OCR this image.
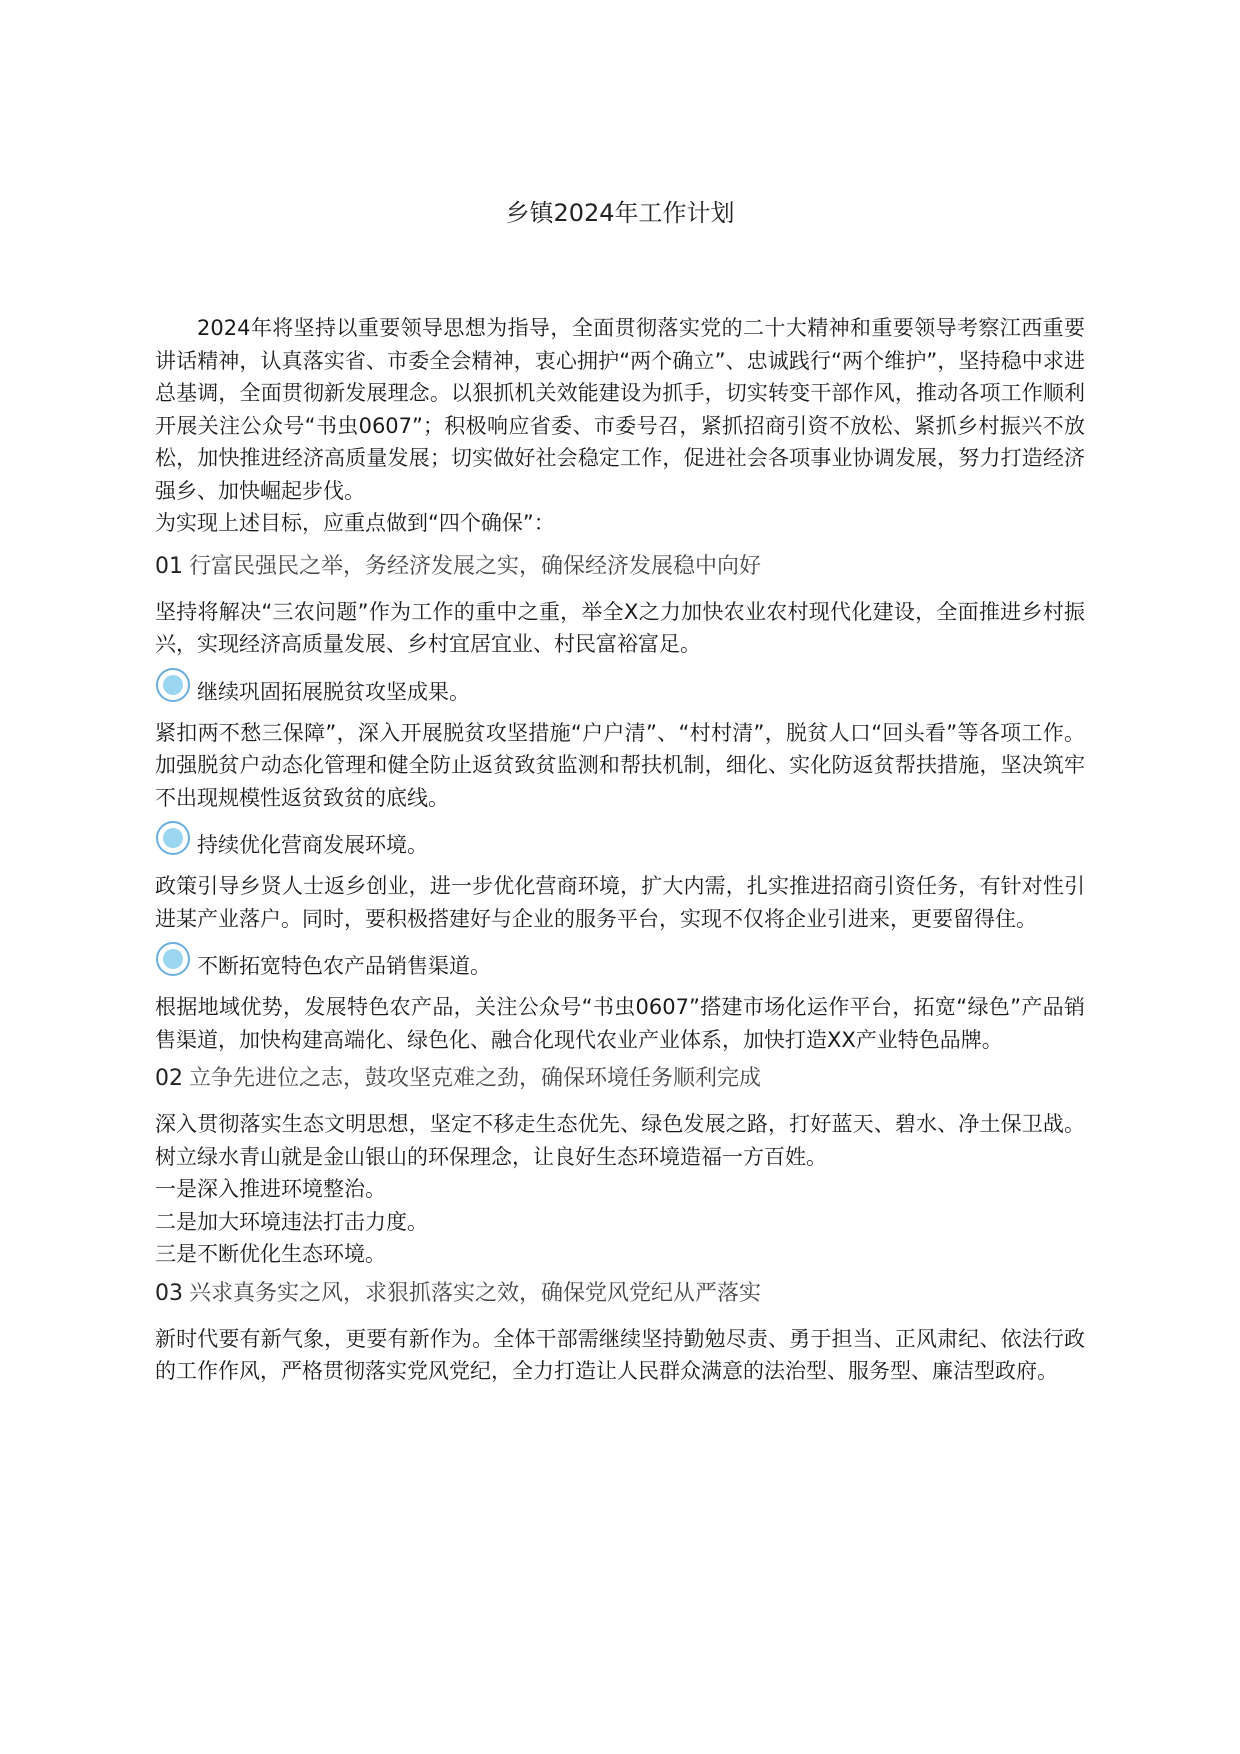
乡镇2024年工作计划

2024年将坚持以重要领导思想为指导，全面贯彻落实党的二十大精神和重要领导考察江西重要讲话精神，认真落实省、市委全会精神，衷心拥护“两个确立”、忠诚践行“两个维护”，坚持稳中求进总基调，全面贯彻新发展理念。以狠抓机关效能建设为抓手，切实转变干部作风，推动各项工作顺利开展关注公众号“书虫0607”；积极响应省委、市委号召，紧抓招商引资不放松、紧抓乡村振兴不放松，加快推进经济高质量发展；切实做好社会稳定工作，促进社会各项事业协调发展，努力打造经济强乡、加快崛起步伐。

为实现上述目标，应重点做到“四个确保”：

01 行富民强民之举，务经济发展之实，确保经济发展稳中向好

坚持将解决“三农问题”作为工作的重中之重，举全X之力加快农业农村现代化建设，全面推进乡村振兴，实现经济高质量发展、乡村宜居宜业、村民富裕富足。

继续巩固拓展脱贫攻坚成果。

紧扣两不愁三保障”，深入开展脱贫攻坚措施“户户清”、“村村清”，脱贫人口“回头看”等各项工作。加强脱贫户动态化管理和健全防止返贫致贫监测和帮扶机制，细化、实化防返贫帮扶措施，坚决筑牢不出现规模性返贫致贫的底线。

持续优化营商发展环境。

政策引导乡贤人士返乡创业，进一步优化营商环境，扩大内需，扎实推进招商引资任务，有针对性引进某产业落户。同时，要积极搭建好与企业的服务平台，实现不仅将企业引进来，更要留得住。

不断拓宽特色农产品销售渠道。

根据地域优势，发展特色农产品，关注公众号“书虫0607”搭建市场化运作平台，拓宽“绿色”产品销售渠道，加快构建高端化、绿色化、融合化现代农业产业体系，加快打造XX产业特色品牌。

02 立争先进位之志，鼓攻坚克难之劲，确保环境任务顺利完成

深入贯彻落实生态文明思想，坚定不移走生态优先、绿色发展之路，打好蓝天、碧水、净土保卫战。树立绿水青山就是金山银山的环保理念，让良好生态环境造福一方百姓。

一是深入推进环境整治。

二是加大环境违法打击力度。

三是不断优化生态环境。

03 兴求真务实之风，求狠抓落实之效，确保党风党纪从严落实

新时代要有新气象，更要有新作为。全体干部需继续坚持勤勉尽责、勇于担当、正风肃纪、依法行政的工作作风，严格贯彻落实党风党纪，全力打造让人民群众满意的法治型、服务型、廉洁型政府。
